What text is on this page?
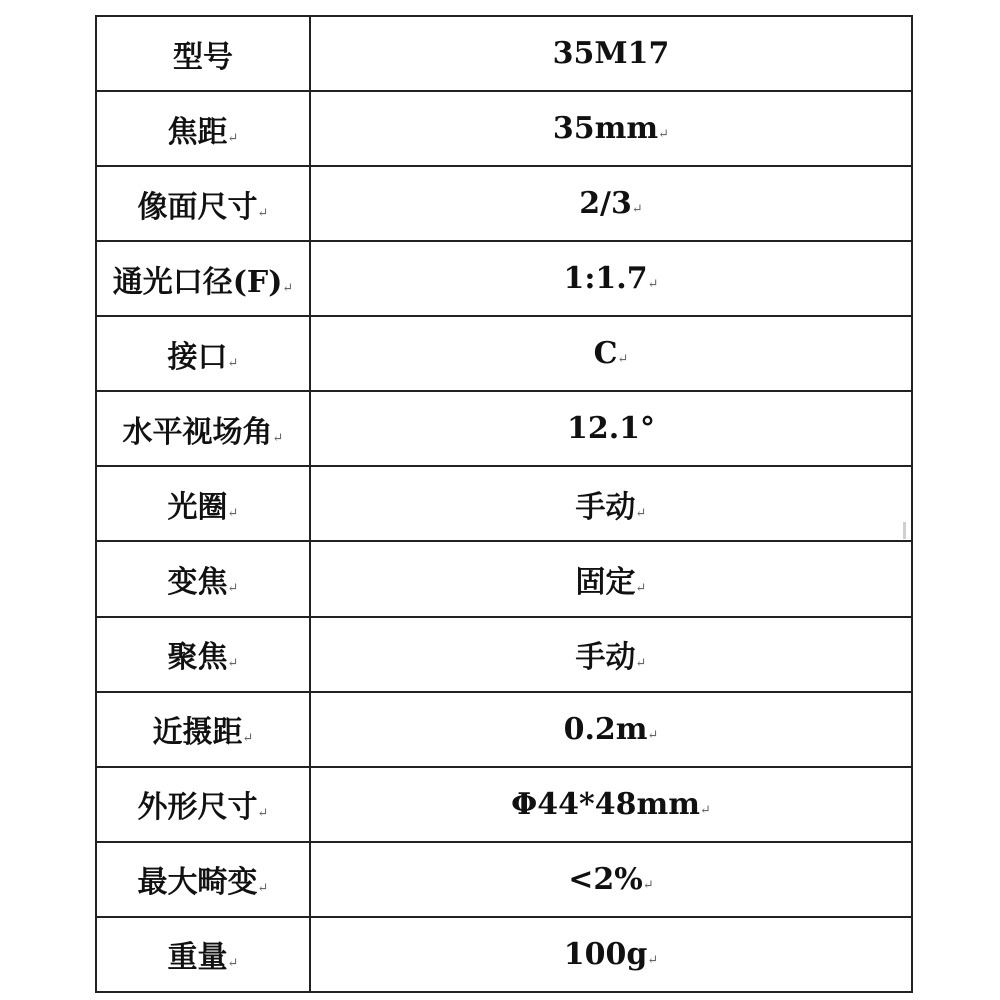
型号	35M17
焦距↵	35mm↵
像面尺寸↵	2/3↵
通光口径(F)↵	1:1.7↵
接口↵	C↵
水平视场角↵	12.1°
光圈↵	手动↵
变焦↵	固定↵
聚焦↵	手动↵
近摄距↵	0.2m↵
外形尺寸↵	Φ44*48mm↵
最大畸变↵	<2%↵
重量↵	100g↵
